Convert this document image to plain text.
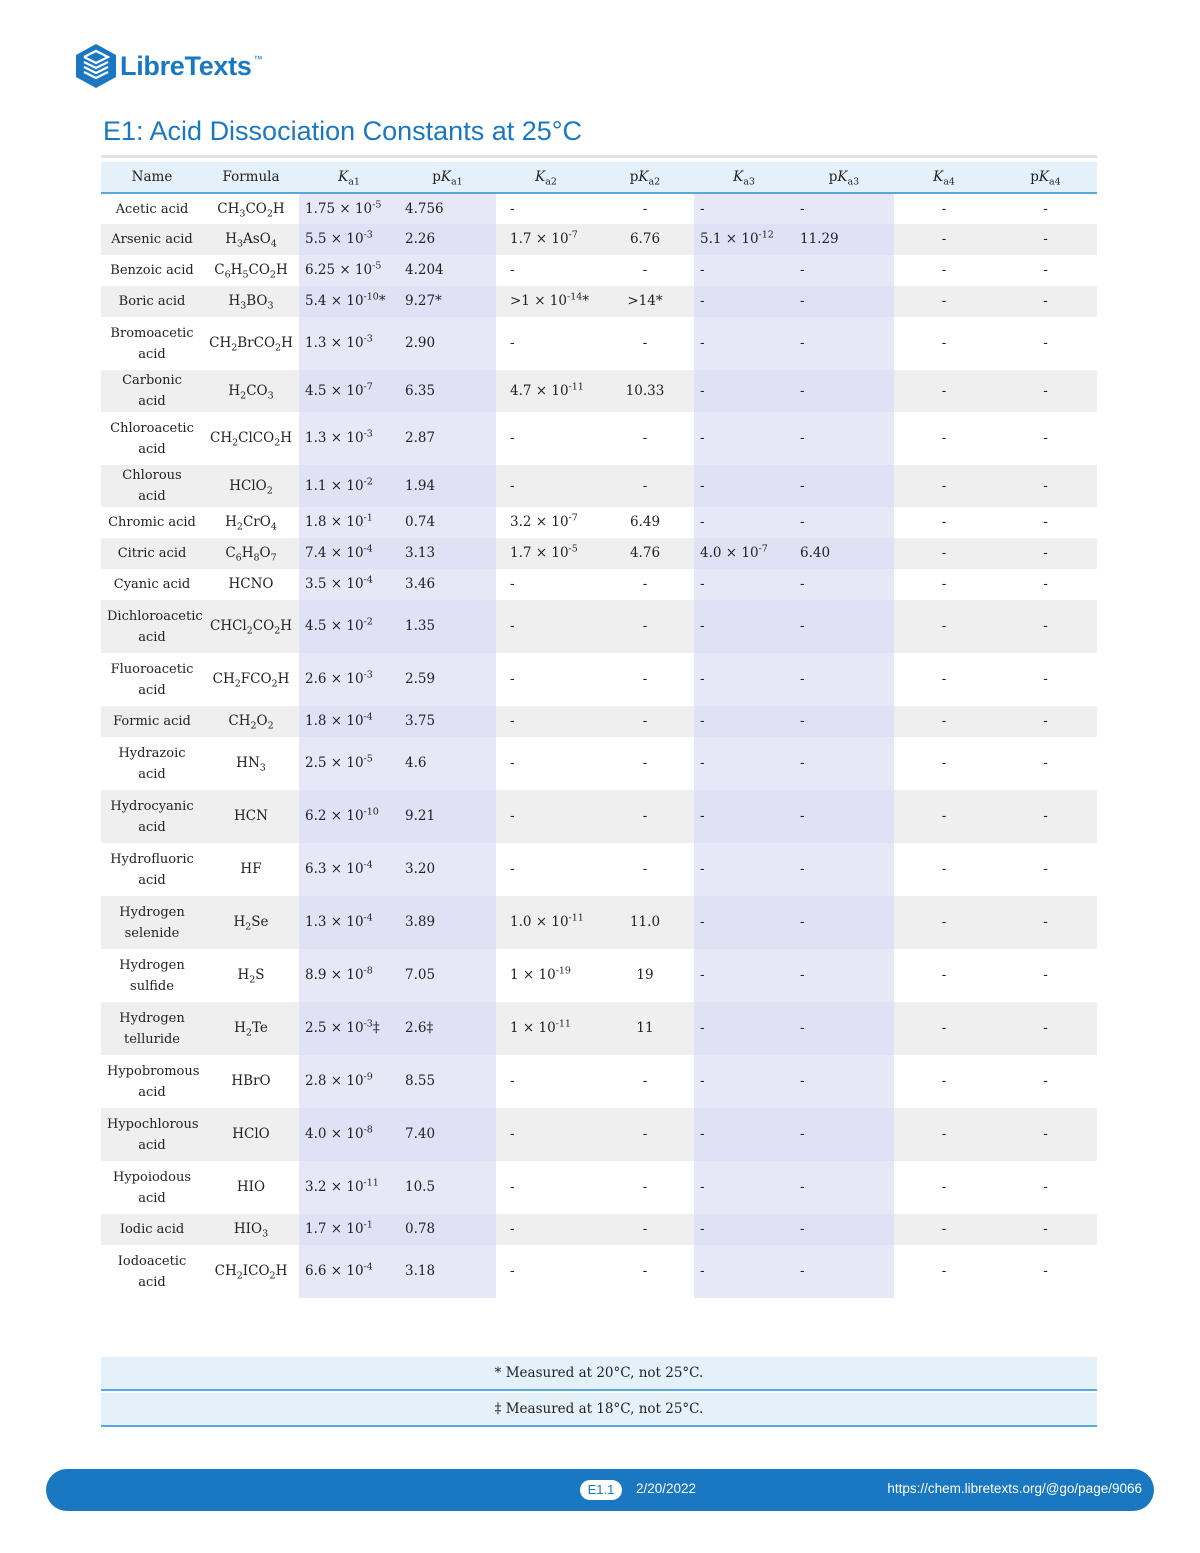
LibreTexts ™
E1: Acid Dissociation Constants at 25°C
Name	Formula	$K_{a1}$	$pK_{a1}$	$K_{a2}$	$pK_{a2}$	$K_{a3}$	$pK_{a3}$	$K_{a4}$	$pK_{a4}$
Acetic acid	$CH_3CO_2H$	$1.75 \times 10^{-5}$	4.756	-	-	-	-	-	-
Arsenic acid	$H_3AsO_4$	$5.5 \times 10^{-3}$	2.26	$1.7 \times 10^{-7}$	6.76	$5.1 \times 10^{-12}$	11.29	-	-
Benzoic acid	$C_6H_5CO_2H$	$6.25 \times 10^{-5}$	4.204	-	-	-	-	-	-
Boric acid	$H_3BO_3$	$5.4 \times 10^{-10}*$	9.27*	$>1 \times 10^{-14}*$	>14*	-	-	-	-
Bromoacetic acid	$CH_2BrCO_2H$	$1.3 \times 10^{-3}$	2.90	-	-	-	-	-	-
Carbonic acid	$H_2CO_3$	$4.5 \times 10^{-7}$	6.35	$4.7 \times 10^{-11}$	10.33	-	-	-	-
Chloroacetic acid	$CH_2ClCO_2H$	$1.3 \times 10^{-3}$	2.87	-	-	-	-	-	-
Chlorous acid	HClO$_2$	$1.1 \times 10^{-2}$	1.94	-	-	-	-	-	-
Chromic acid	$H_2CrO_4$	$1.8 \times 10^{-1}$	0.74	$3.2 \times 10^{-7}$	6.49	-	-	-	-
Citric acid	$C_6H_8O_7$	$7.4 \times 10^{-4}$	3.13	$1.7 \times 10^{-5}$	4.76	$4.0 \times 10^{-7}$	6.40	-	-
Cyanic acid	HCNO	$3.5 \times 10^{-4}$	3.46	-	-	-	-	-	-
Dichloroacetic acid	$CHCl_2CO_2H$	$4.5 \times 10^{-2}$	1.35	-	-	-	-	-	-
Fluoroacetic acid	$CH_2FCO_2H$	$2.6 \times 10^{-3}$	2.59	-	-	-	-	-	-
Formic acid	$CH_2O_2$	$1.8 \times 10^{-4}$	3.75	-	-	-	-	-	-
Hydrazoic acid	$HN_3$	$2.5 \times 10^{-5}$	4.6	-	-	-	-	-	-
Hydrocyanic acid	HCN	$6.2 \times 10^{-10}$	9.21	-	-	-	-	-	-
Hydrofluoric acid	HF	$6.3 \times 10^{-4}$	3.20	-	-	-	-	-	-
Hydrogen selenide	$H_2Se$	$1.3 \times 10^{-4}$	3.89	$1.0 \times 10^{-11}$	11.0	-	-	-	-
Hydrogen sulfide	$H_2S$	$8.9 \times 10^{-8}$	7.05	$1 \times 10^{-19}$	19	-	-	-	-
Hydrogen telluride	$H_2Te$	$2.5 \times 10^{-3}\ddagger$	2.6‡	$1 \times 10^{-11}$	11	-	-	-	-
Hypobromous acid	HBrO	$2.8 \times 10^{-9}$	8.55	-	-	-	-	-	-
Hypochlorous acid	HClO	$4.0 \times 10^{-8}$	7.40	-	-	-	-	-	-
Hypoiodous acid	HIO	$3.2 \times 10^{-11}$	10.5	-	-	-	-	-	-
Iodic acid	$HIO_3$	$1.7 \times 10^{-1}$	0.78	-	-	-	-	-	-
Iodoacetic acid	$CH_2ICO_2H$	$6.6 \times 10^{-4}$	3.18	-	-	-	-	-	-
* Measured at 20°C, not 25°C.
‡ Measured at 18°C, not 25°C.
E1.1	2/20/2022	https://chem.libretexts.org/@go/page/9066
